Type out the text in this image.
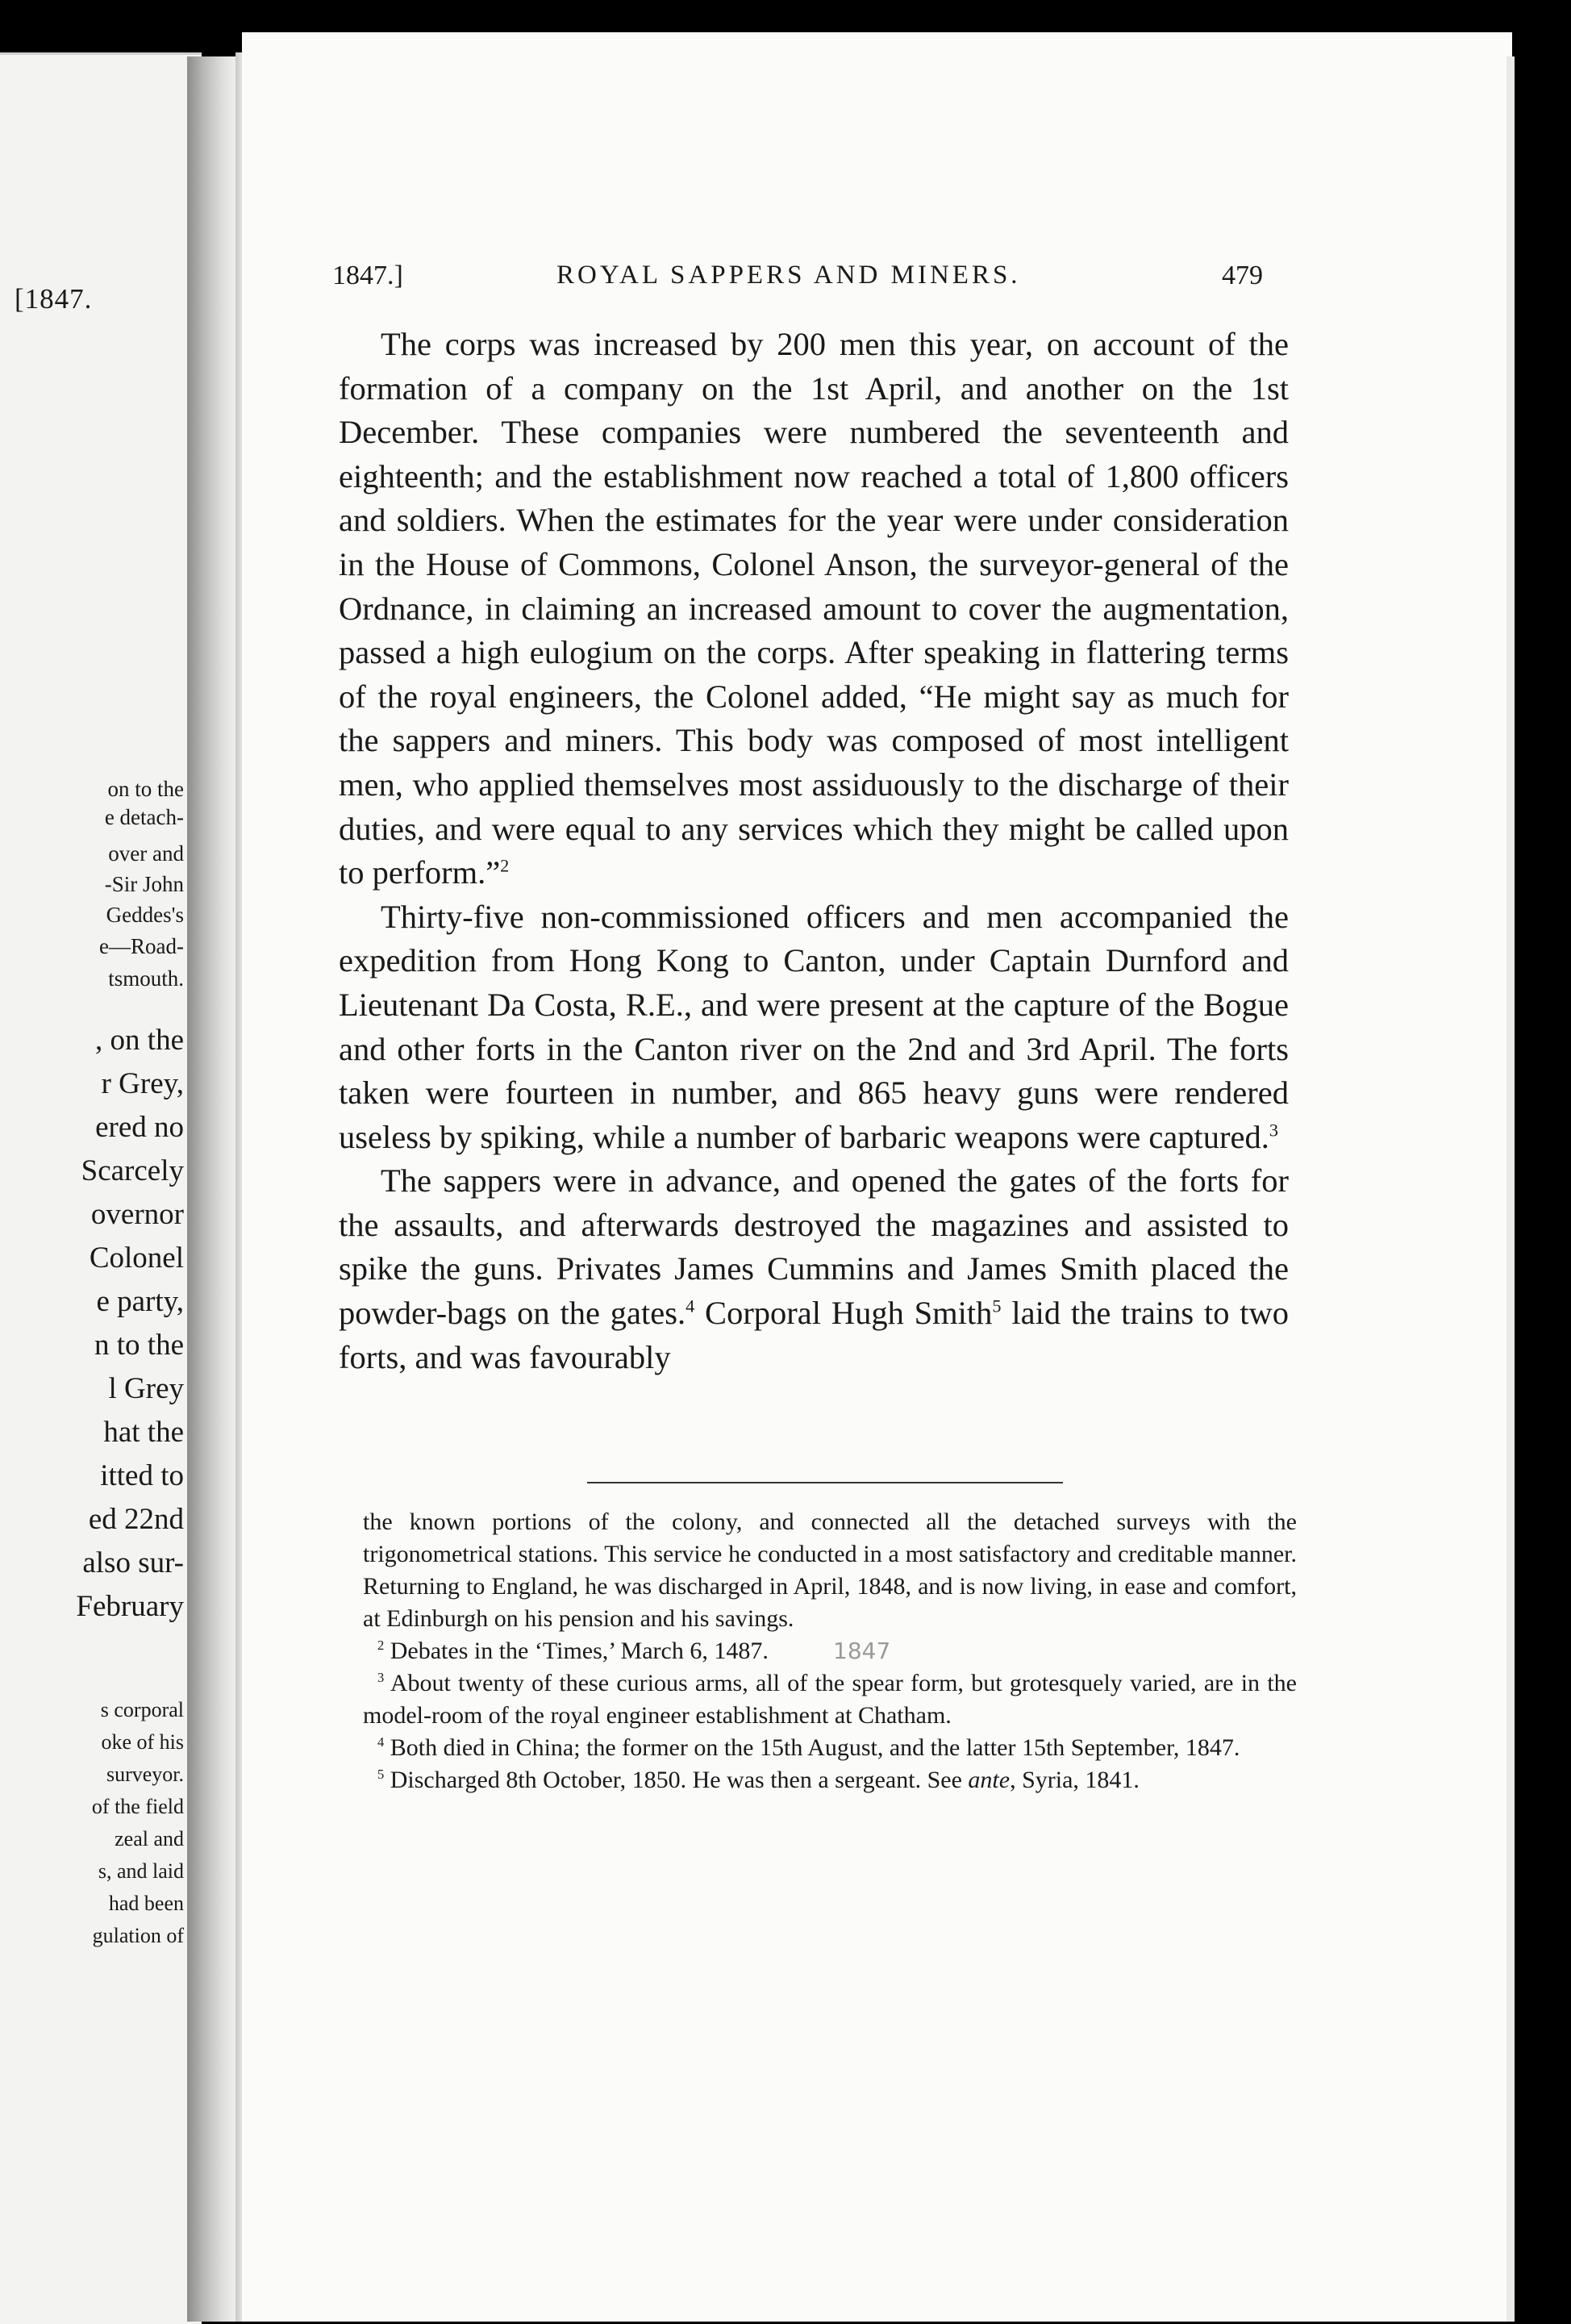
[1847.
on to the
e detach-
over and
-Sir John
Geddes's
e—Road-
tsmouth.
, on the
r Grey,
ered no
Scarcely
overnor
Colonel
e party,
n to the
l Grey
hat the
itted to
ed 22nd
also sur-
February
s corporal
oke of his
surveyor.
of the field
zeal and
s, and laid
had been
gulation of
1847.]	ROYAL SAPPERS AND MINERS.	479

The corps was increased by 200 men this year, on account of the formation of a company on the 1st April, and another on the 1st December. These companies were numbered the seventeenth and eighteenth; and the establishment now reached a total of 1,800 officers and soldiers. When the estimates for the year were under consideration in the House of Commons, Colonel Anson, the surveyor-general of the Ordnance, in claiming an increased amount to cover the augmentation, passed a high eulogium on the corps. After speaking in flattering terms of the royal engineers, the Colonel added, “He might say as much for the sappers and miners. This body was composed of most intelligent men, who applied themselves most assiduously to the discharge of their duties, and were equal to any services which they might be called upon to perform.”$^2$

Thirty-five non-commissioned officers and men accompanied the expedition from Hong Kong to Canton, under Captain Durnford and Lieutenant Da Costa, R.E., and were present at the capture of the Bogue and other forts in the Canton river on the 2nd and 3rd April. The forts taken were fourteen in number, and 865 heavy guns were rendered useless by spiking, while a number of barbaric weapons were captured.$^3$

The sappers were in advance, and opened the gates of the forts for the assaults, and afterwards destroyed the magazines and assisted to spike the guns. Privates James Cummins and James Smith placed the powder-bags on the gates.$^4$ Corporal Hugh Smith$^5$ laid the trains to two forts, and was favourably

the known portions of the colony, and connected all the detached surveys with the trigonometrical stations. This service he conducted in a most satisfactory and creditable manner. Returning to England, he was discharged in April, 1848, and is now living, in ease and comfort, at Edinburgh on his pension and his savings.

$^2$ Debates in the ‘Times,’ March 6, 1487.

$^3$ About twenty of these curious arms, all of the spear form, but grotesquely varied, are in the model-room of the royal engineer establishment at Chatham.

$^4$ Both died in China; the former on the 15th August, and the latter 15th September, 1847.

$^5$ Discharged 8th October, 1850. He was then a sergeant. See ante, Syria, 1841.

1847
